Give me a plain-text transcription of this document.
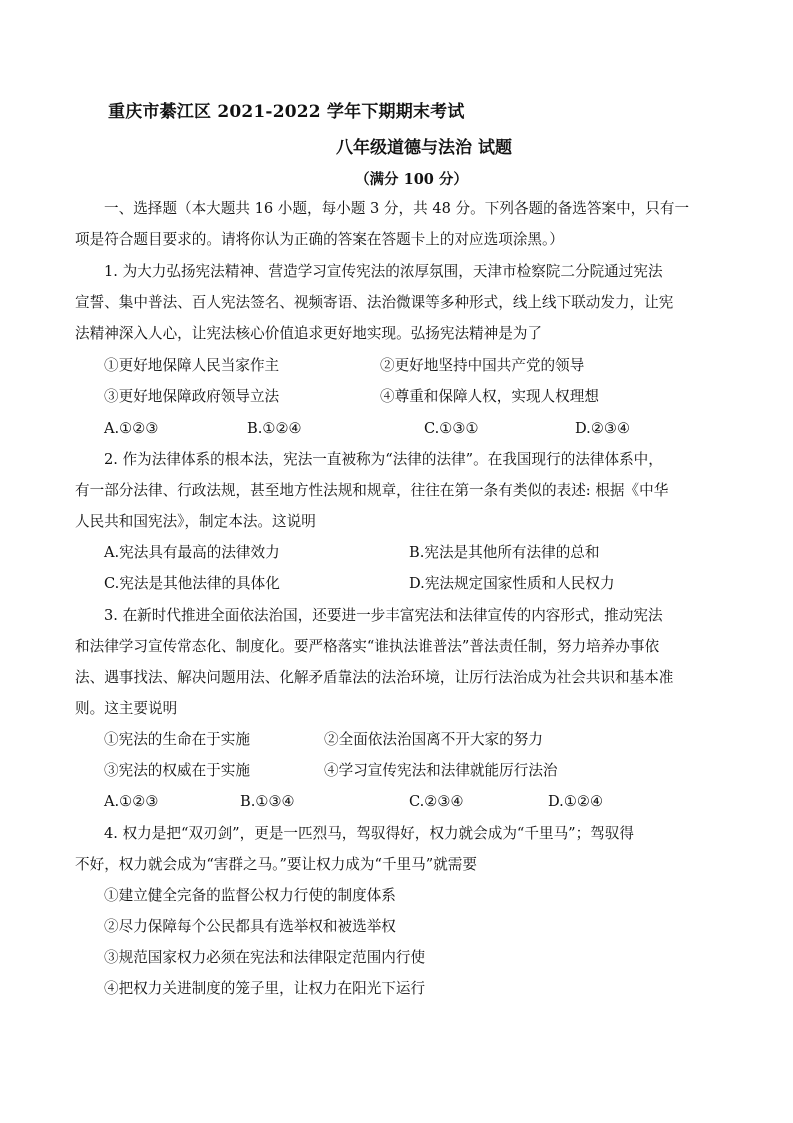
重庆市綦江区 2021-2022 学年下期期末考试
八年级道德与法治 试题
（满分 100 分）
一、选择题（本大题共 16 小题，每小题 3 分，共 48 分。下列各题的备选答案中，只有一
项是符合题目要求的。请将你认为正确的答案在答题卡上的对应选项涂黑。）
1. 为大力弘扬宪法精神、营造学习宣传宪法的浓厚氛围，天津市检察院二分院通过宪法
宣誓、集中普法、百人宪法签名、视频寄语、法治微课等多种形式，线上线下联动发力，让宪
法精神深入人心，让宪法核心价值追求更好地实现。弘扬宪法精神是为了
①更好地保障人民当家作主	②更好地坚持中国共产党的领导
③更好地保障政府领导立法	④尊重和保障人权，实现人权理想
A.①②③	B.①②④	C.①③①	D.②③④
2. 作为法律体系的根本法，宪法一直被称为“法律的法律”。在我国现行的法律体系中，
有一部分法律、行政法规，甚至地方性法规和规章，往往在第一条有类似的表述: 根据《中华
人民共和国宪法》，制定本法。这说明
A.宪法具有最高的法律效力	B.宪法是其他所有法律的总和
C.宪法是其他法律的具体化	D.宪法规定国家性质和人民权力
3. 在新时代推进全面依法治国，还要进一步丰富宪法和法律宣传的内容形式，推动宪法
和法律学习宣传常态化、制度化。要严格落实“谁执法谁普法”普法责任制，努力培养办事依
法、遇事找法、解决问题用法、化解矛盾靠法的法治环境，让厉行法治成为社会共识和基本准
则。这主要说明
①宪法的生命在于实施	②全面依法治国离不开大家的努力
③宪法的权威在于实施	④学习宣传宪法和法律就能厉行法治
A.①②③	B.①③④	C.②③④	D.①②④
4. 权力是把“双刃剑”，更是一匹烈马，驾驭得好，权力就会成为“千里马”；驾驭得
不好，权力就会成为“害群之马。”要让权力成为“千里马”就需要
①建立健全完备的监督公权力行使的制度体系
②尽力保障每个公民都具有选举权和被选举权
③规范国家权力必须在宪法和法律限定范围内行使
④把权力关进制度的笼子里，让权力在阳光下运行
